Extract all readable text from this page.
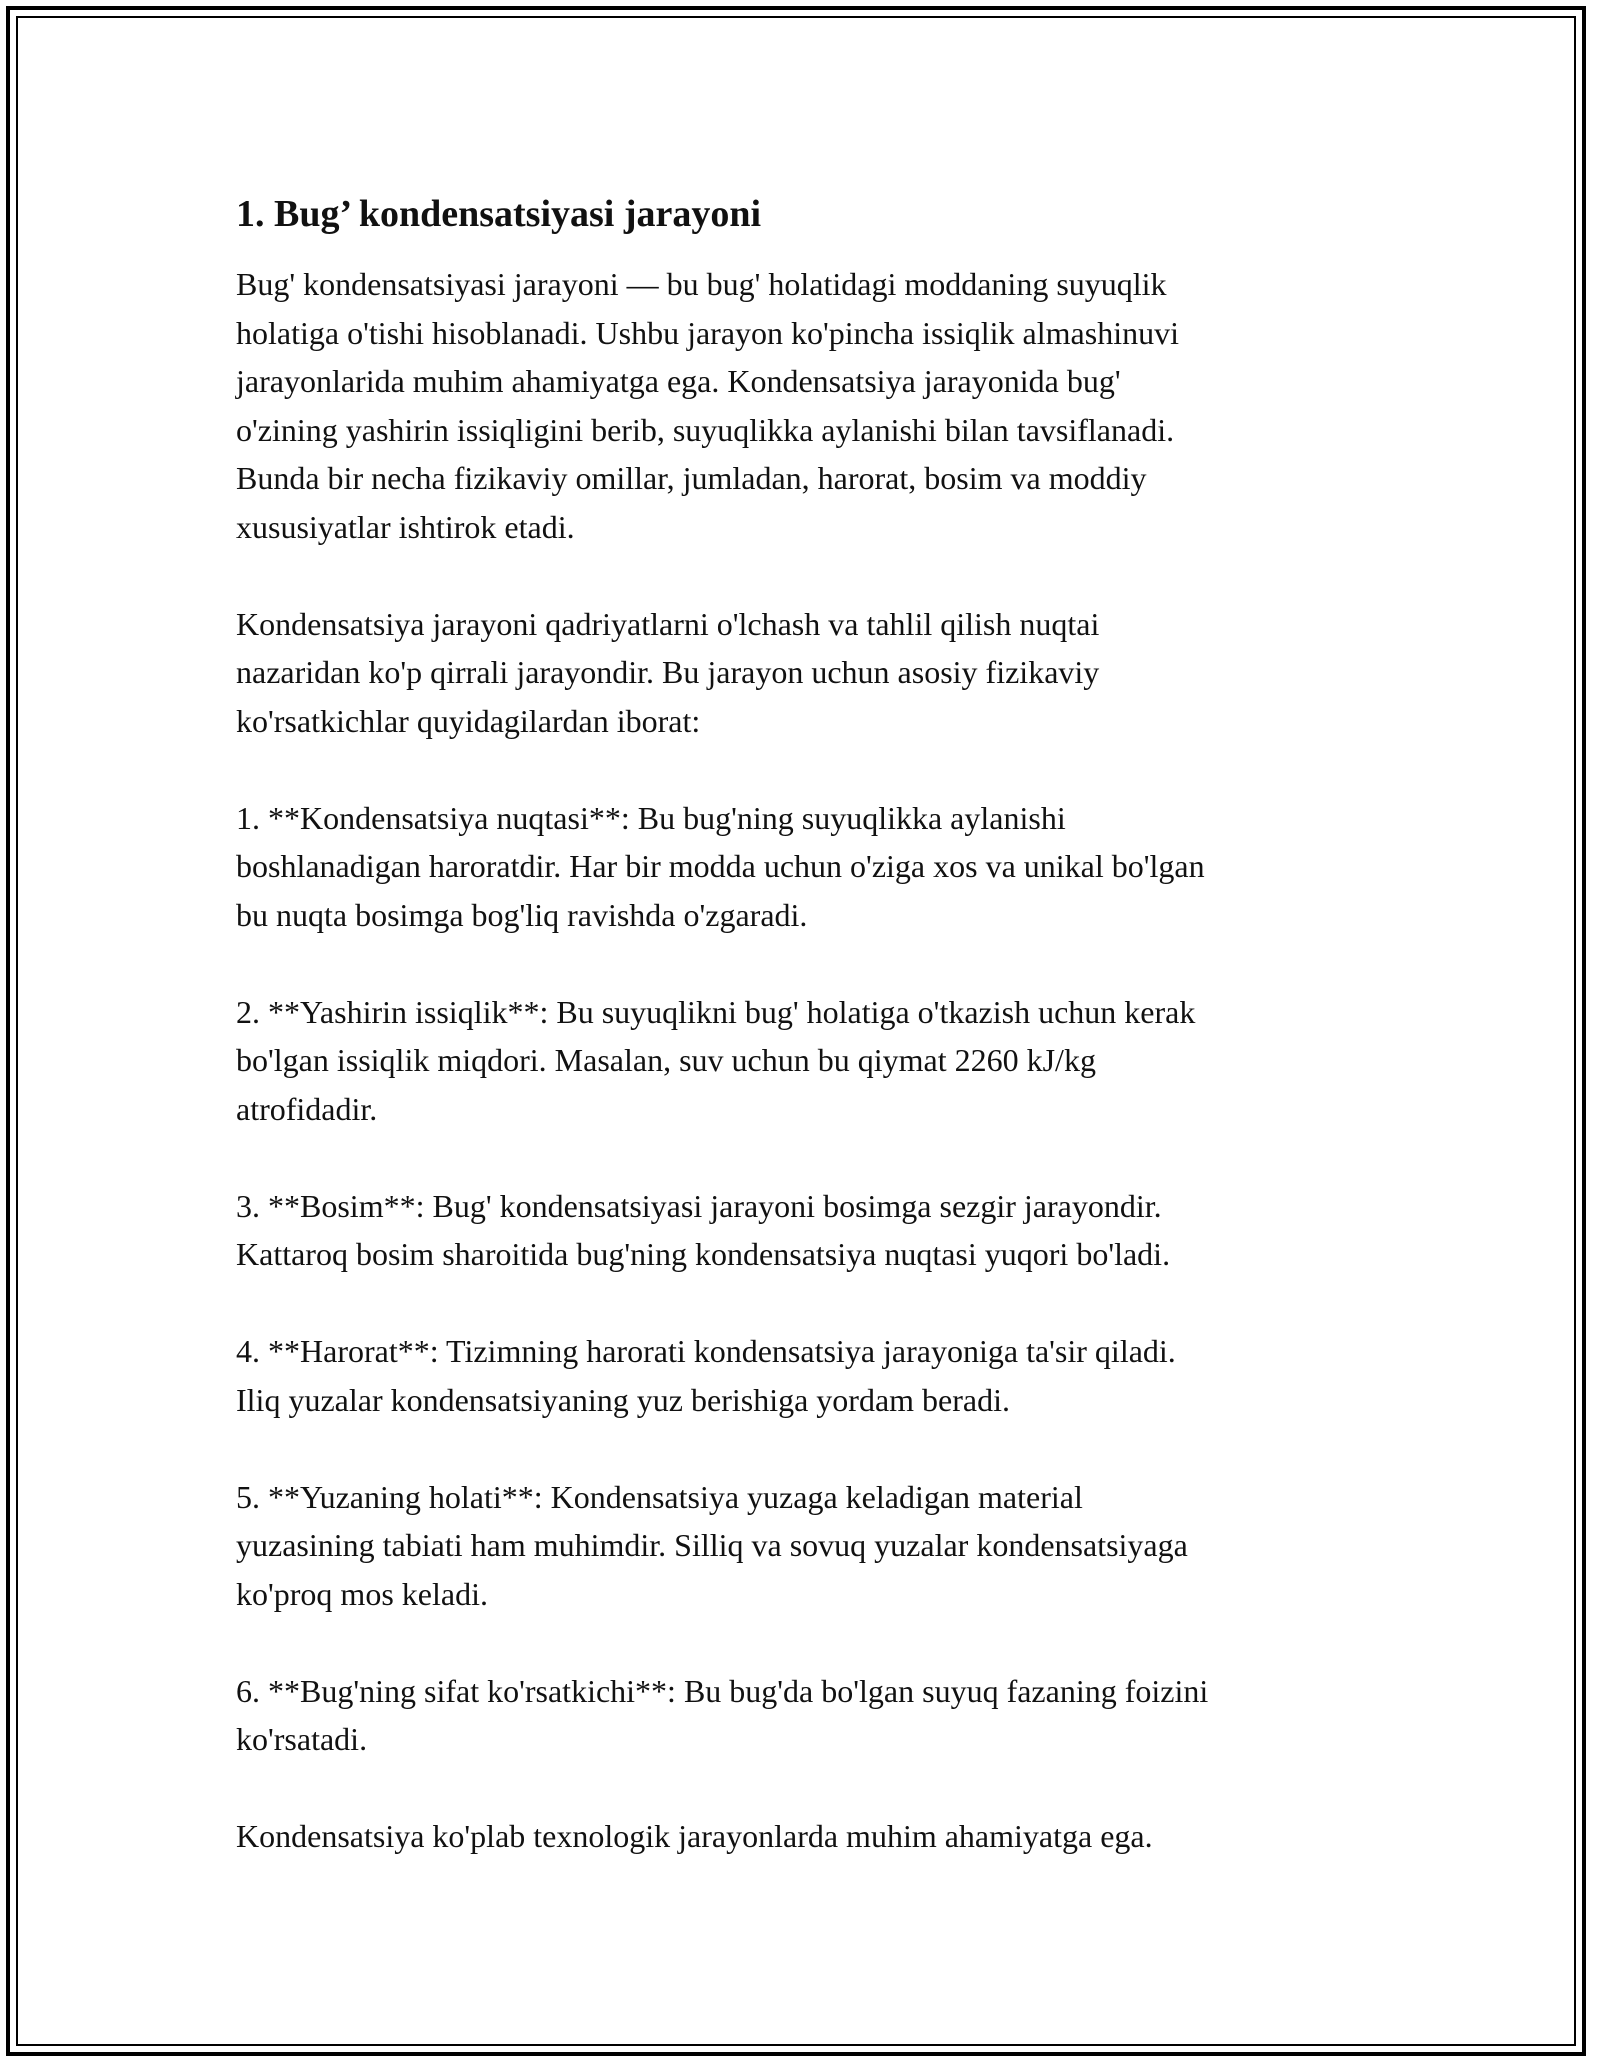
1. Bug’ kondensatsiyasi jarayoni

Bug' kondensatsiyasi jarayoni — bu bug' holatidagi moddaning suyuqlik
holatiga o'tishi hisoblanadi. Ushbu jarayon ko'pincha issiqlik almashinuvi
jarayonlarida muhim ahamiyatga ega. Kondensatsiya jarayonida bug'
o'zining yashirin issiqligini berib, suyuqlikka aylanishi bilan tavsiflanadi.
Bunda bir necha fizikaviy omillar, jumladan, harorat, bosim va moddiy
xususiyatlar ishtirok etadi.

Kondensatsiya jarayoni qadriyatlarni o'lchash va tahlil qilish nuqtai
nazaridan ko'p qirrali jarayondir. Bu jarayon uchun asosiy fizikaviy
ko'rsatkichlar quyidagilardan iborat:

1. **Kondensatsiya nuqtasi**: Bu bug'ning suyuqlikka aylanishi
boshlanadigan haroratdir. Har bir modda uchun o'ziga xos va unikal bo'lgan
bu nuqta bosimga bog'liq ravishda o'zgaradi.

2. **Yashirin issiqlik**: Bu suyuqlikni bug' holatiga o'tkazish uchun kerak
bo'lgan issiqlik miqdori. Masalan, suv uchun bu qiymat 2260 kJ/kg
atrofidadir.

3. **Bosim**: Bug' kondensatsiyasi jarayoni bosimga sezgir jarayondir.
Kattaroq bosim sharoitida bug'ning kondensatsiya nuqtasi yuqori bo'ladi.

4. **Harorat**: Tizimning harorati kondensatsiya jarayoniga ta'sir qiladi.
Iliq yuzalar kondensatsiyaning yuz berishiga yordam beradi.

5. **Yuzaning holati**: Kondensatsiya yuzaga keladigan material
yuzasining tabiati ham muhimdir. Silliq va sovuq yuzalar kondensatsiyaga
ko'proq mos keladi.

6. **Bug'ning sifat ko'rsatkichi**: Bu bug'da bo'lgan suyuq fazaning foizini
ko'rsatadi.

Kondensatsiya ko'plab texnologik jarayonlarda muhim ahamiyatga ega.
